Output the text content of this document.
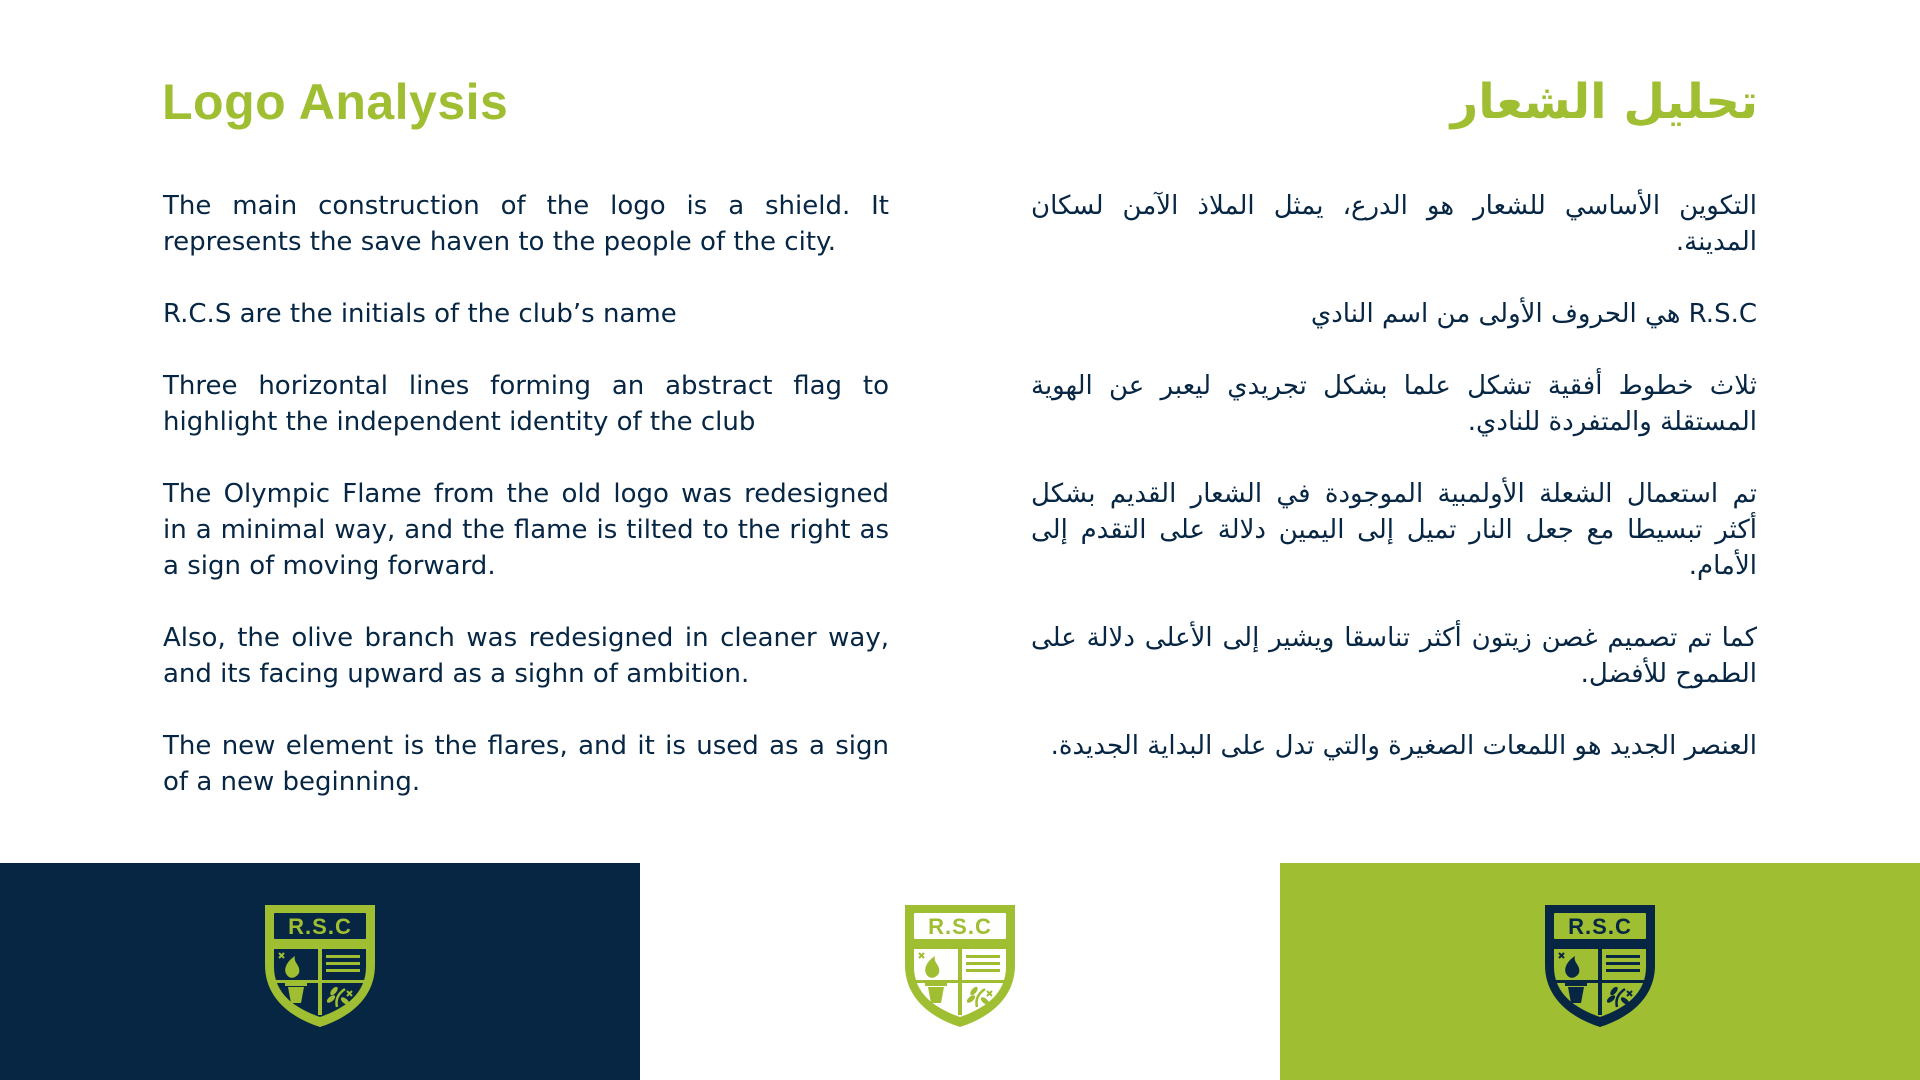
Logo Analysis	تحليل الشعار

The main construction of the logo is a shield. It represents the save haven to the people of the city.

R.C.S are the initials of the club’s name

Three horizontal lines forming an abstract flag to highlight the independent identity of the club

The Olympic Flame from the old logo was redesigned in a minimal way, and the flame is tilted to the right as a sign of moving forward.

Also, the olive branch was redesigned in cleaner way, and its facing upward as a sighn of ambition.

The new element is the flares, and it is used as a sign of a new beginning.

التكوين الأساسي للشعار هو الدرع، يمثل الملاذ الآمن لسكان المدينة.

R.S.C هي الحروف الأولى من اسم النادي

ثلاث خطوط أفقية تشكل علما بشكل تجريدي ليعبر عن الهوية المستقلة والمتفردة للنادي.

تم استعمال الشعلة الأولمبية الموجودة في الشعار القديم بشكل أكثر تبسيطا مع جعل النار تميل إلى اليمين دلالة على التقدم إلى الأمام.

كما تم تصميم غصن زيتون أكثر تناسقا ويشير إلى الأعلى دلالة على الطموح للأفضل.

العنصر الجديد هو اللمعات الصغيرة والتي تدل على البداية الجديدة.

R.S.C	R.S.C	R.S.C
